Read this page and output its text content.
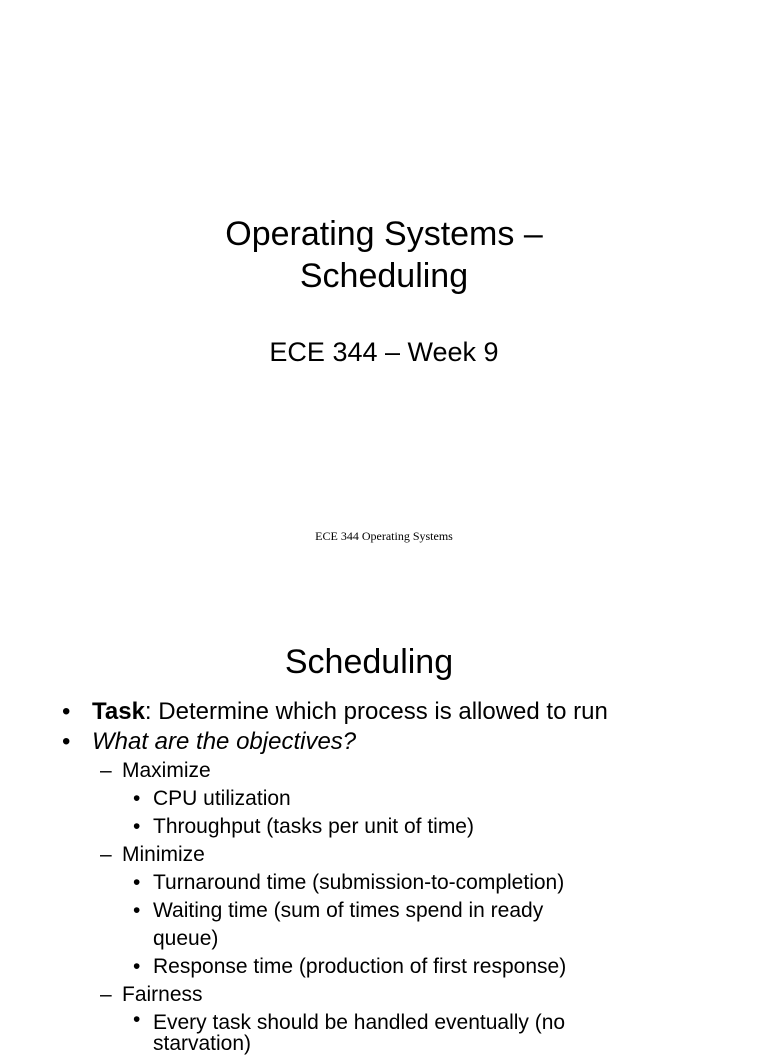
Operating Systems –
Scheduling
ECE 344 – Week 9
ECE 344 Operating Systems
Scheduling
• Task: Determine which process is allowed to run
• What are the objectives?
– Maximize
• CPU utilization
• Throughput (tasks per unit of time)
– Minimize
• Turnaround time (submission-to-completion)
• Waiting time (sum of times spend in ready queue)
• Response time (production of first response)
– Fairness
• Every task should be handled eventually (no starvation)
